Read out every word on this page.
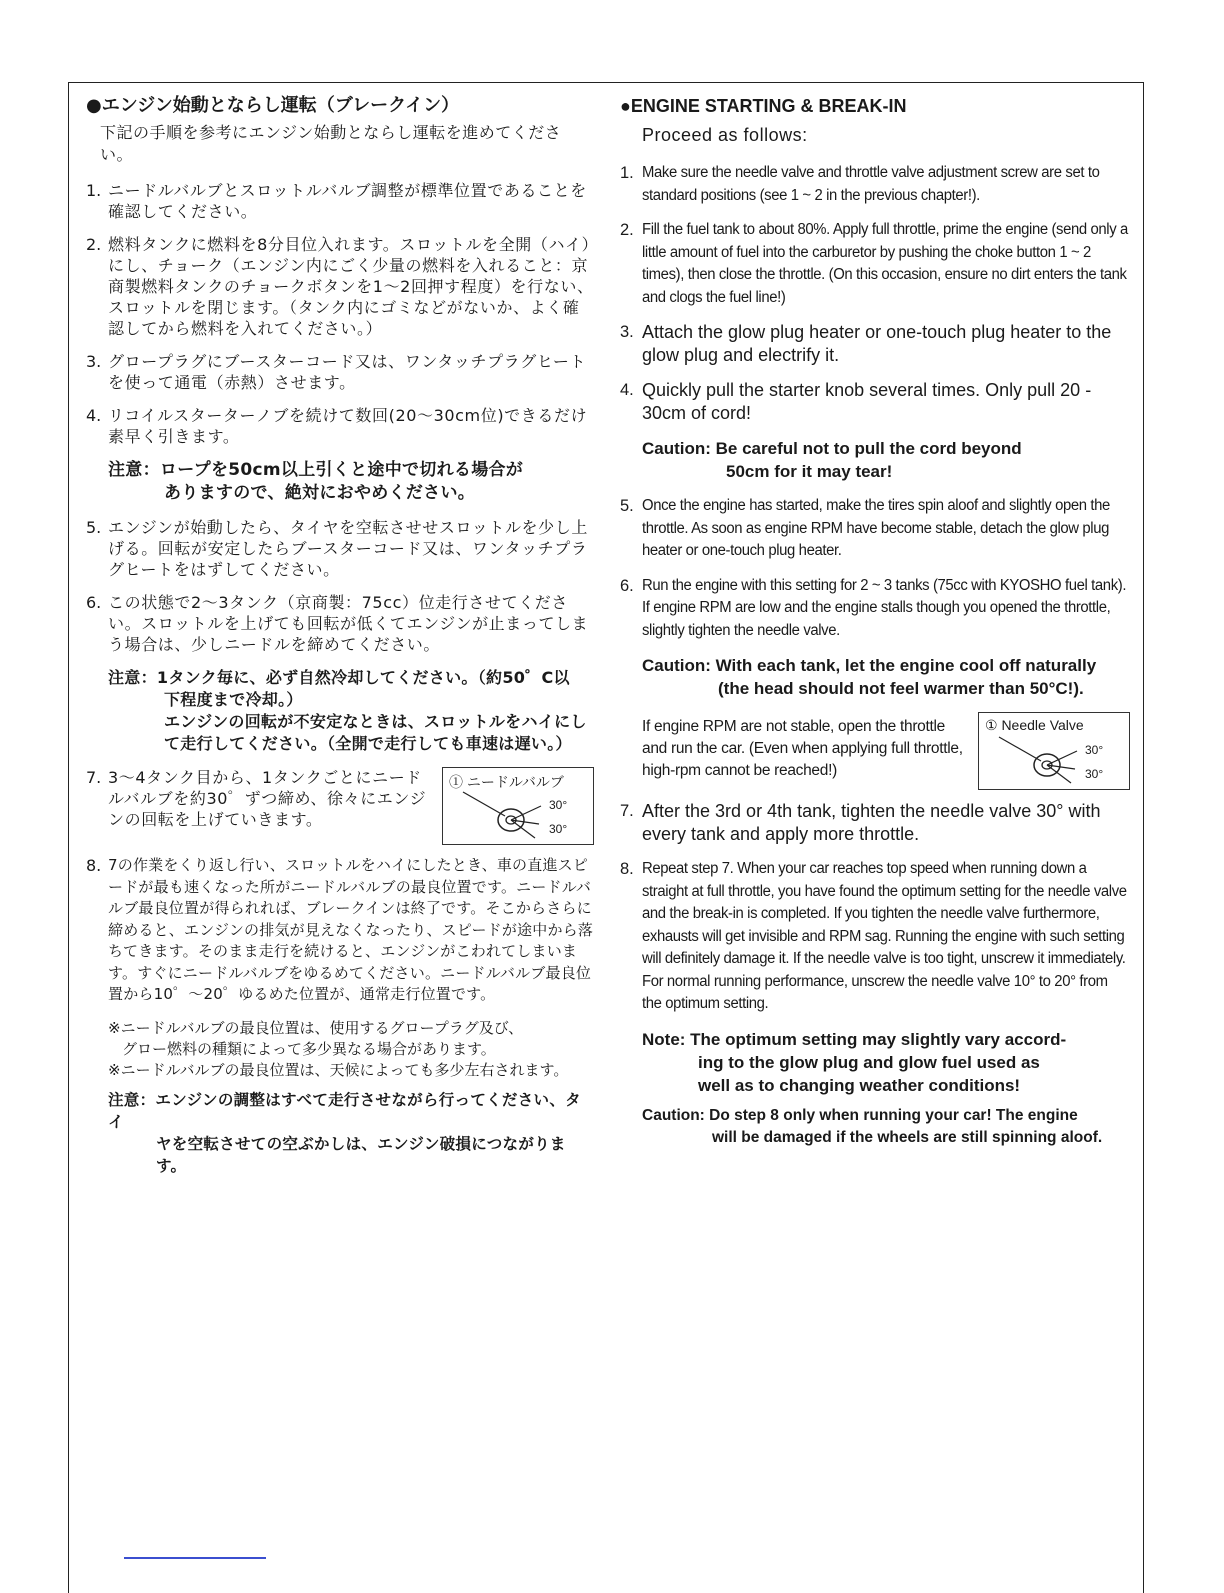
●エンジン始動とならし運転（ブレークイン）
下記の手順を参考にエンジン始動とならし運転を進めてください。
1. ニードルバルブとスロットルバルブ調整が標準位置であることを確認してください。
2. 燃料タンクに燃料を8分目位入れます。スロットルを全開（ハイ）にし、チョーク（エンジン内にごく少量の燃料を入れること：京商製燃料タンクのチョークボタンを1〜2回押す程度）を行ない、スロットルを閉じます。（タンク内にゴミなどがないか、よく確認してから燃料を入れてください。）
3. グロープラグにブースターコード又は、ワンタッチプラグヒートを使って通電（赤熱）させます。
4. リコイルスターターノブを続けて数回(20〜30cm位)できるだけ素早く引きます。
注意：ロープを50cm以上引くと途中で切れる場合が
ありますので、絶対におやめください。
5. エンジンが始動したら、タイヤを空転させせスロットルを少し上げる。回転が安定したらブースターコード又は、ワンタッチプラグヒートをはずしてください。
6. この状態で2〜3タンク（京商製：75cc）位走行させてください。スロットルを上げても回転が低くてエンジンが止まってしまう場合は、少しニードルを締めてください。
注意：1タンク毎に、必ず自然冷却してください。（約50゜C以
下程度まで冷却。）
エンジンの回転が不安定なときは、スロットルをハイにし
て走行してください。（全開で走行しても車速は遅い。）
7. 3〜4タンク目から、1タンクごとにニードルバルブを約30゜ずつ締め、徐々にエンジンの回転を上げていきます。
① ニードルバルブ
30°
30°
8. 7の作業をくり返し行い、スロットルをハイにしたとき、車の直進スピードが最も速くなった所がニードルバルブの最良位置です。ニードルバルブ最良位置が得られれば、ブレークインは終了です。そこからさらに締めると、エンジンの排気が見えなくなったり、スピードが途中から落ちてきます。そのまま走行を続けると、エンジンがこわれてしまいます。すぐにニードルバルブをゆるめてください。ニードルバルブ最良位置から10゜〜20゜ゆるめた位置が、通常走行位置です。
※ニードルバルブの最良位置は、使用するグロープラグ及び、
グロー燃料の種類によって多少異なる場合があります。
※ニードルバルブの最良位置は、天候によっても多少左右されます。
注意：エンジンの調整はすべて走行させながら行ってください、タイ
ヤを空転させての空ぶかしは、エンジン破損につながります。
●ENGINE STARTING & BREAK-IN
Proceed as follows:
1. Make sure the needle valve and throttle valve adjustment screw are set to standard positions (see 1 ~ 2 in the previous chapter!).
2. Fill the fuel tank to about 80%. Apply full throttle, prime the engine (send only a little amount of fuel into the carburetor by pushing the choke button 1 ~ 2 times), then close the throttle. (On this occasion, ensure no dirt enters the tank and clogs the fuel line!)
3. Attach the glow plug heater or one-touch plug heater to the glow plug and electrify it.
4. Quickly pull the starter knob several times. Only pull 20 - 30cm of cord!
Caution: Be careful not to pull the cord beyond
50cm for it may tear!
5. Once the engine has started, make the tires spin aloof and slightly open the throttle. As soon as engine RPM have become stable, detach the glow plug heater or one-touch plug heater.
6. Run the engine with this setting for 2 ~ 3 tanks (75cc with KYOSHO fuel tank). If engine RPM are low and the engine stalls though you opened the throttle, slightly tighten the needle valve.
Caution: With each tank, let the engine cool off naturally
(the head should not feel warmer than 50°C!).
If engine RPM are not stable, open the throttle and run the car. (Even when applying full throttle, high-rpm cannot be reached!)
① Needle Valve
30°
30°
7. After the 3rd or 4th tank, tighten the needle valve 30° with every tank and apply more throttle.
8. Repeat step 7. When your car reaches top speed when running down a straight at full throttle, you have found the optimum setting for the needle valve and the break-in is completed. If you tighten the needle valve furthermore, exhausts will get invisible and RPM sag. Running the engine with such setting will definitely damage it. If the needle valve is too tight, unscrew it immediately. For normal running performance, unscrew the needle valve 10° to 20° from the optimum setting.
Note: The optimum setting may slightly vary accord-
ing to the glow plug and glow fuel used as
well as to changing weather conditions!
Caution: Do step 8 only when running your car! The engine
will be damaged if the wheels are still spinning aloof.
